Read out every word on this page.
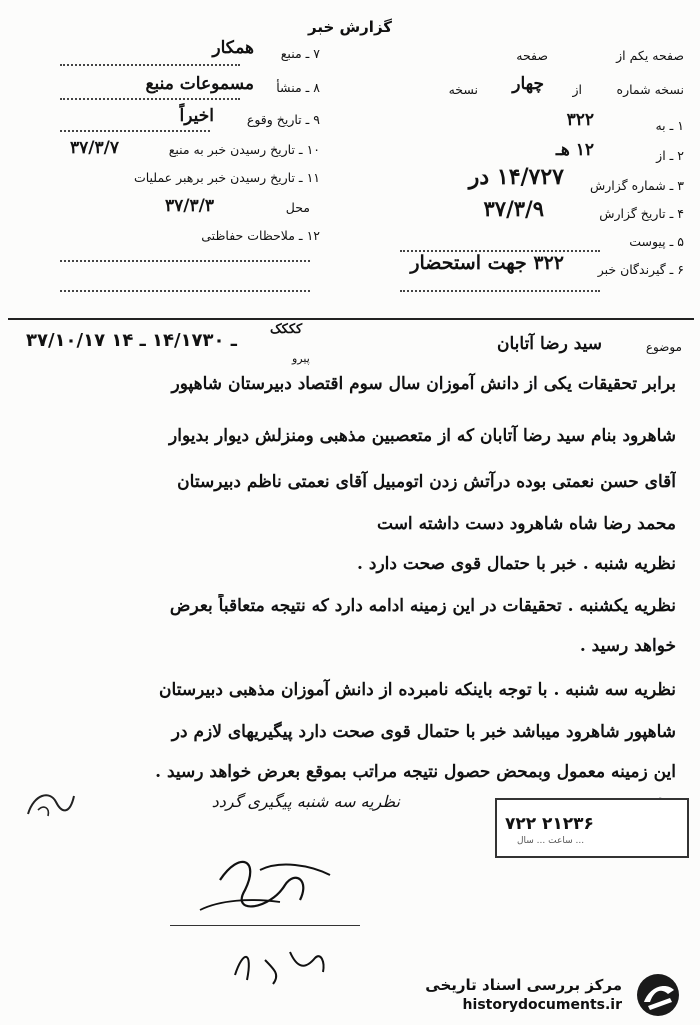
گزارش خبر
۷ ـ منبع
همکار
۸ ـ منشأ
مسموعات منبع
۹ ـ تاریخ وقوع
اخیراً
۱۰ ـ تاریخ رسیدن خبر به منبع
۳۷/۳/۷
۱۱ ـ تاریخ رسیدن خبر برهبر عملیات
محل
۳۷/۳/۳
۱۲ ـ ملاحظات حفاظتی
صفحه یکم از
صفحه
نسخه شماره
از
چهار
نسخه
۱ ـ به
۳۲۲
۲ ـ از
۱۲ هـ
۳ ـ شماره گزارش
۱۴/۷۲۷ در
۴ ـ تاریخ گزارش
۳۷/۳/۹
۵ ـ پیوست
۶ ـ گیرندگان خبر
۳۲۲ جهت استحضار
۳۷/۱۰/۱۷ ـ ۱۴/۱۷۳۰ ـ ۱۴
کککک
پیرو
موضوع
سید رضا آتابان
برابر تحقیقات یکی از دانش آموزان سال سوم اقتصاد دبیرستان شاهپور
شاهرود بنام سید رضا آتابان که از متعصبین مذهبی ومنزلش دیوار بدیوار
آقای حسن نعمتی بوده درآتش زدن اتومبیل آقای نعمتی ناظم دبیرستان
محمد رضا شاه شاهرود دست داشته است
نظریه شنبه . خبر با حتمال قوی صحت دارد .
نظریه یکشنبه . تحقیقات در این زمینه ادامه دارد که نتیجه متعاقباً بعرض
خواهد رسید .
نظریه سه شنبه . با توجه باینکه نامبرده از دانش آموزان مذهبی دبیرستان
شاهپور شاهرود میباشد خبر با حتمال قوی صحت دارد پیگیریهای لازم در
این زمینه معمول وبمحض حصول نتیجه مراتب بموقع بعرض خواهد رسید .
نظریه سه شنبه پیگیری گردد
۷۲۲ ۲۱۲۳۶
ساعت ... سال ...
مرکز بررسی اسناد تاریخی
historydocuments.ir
